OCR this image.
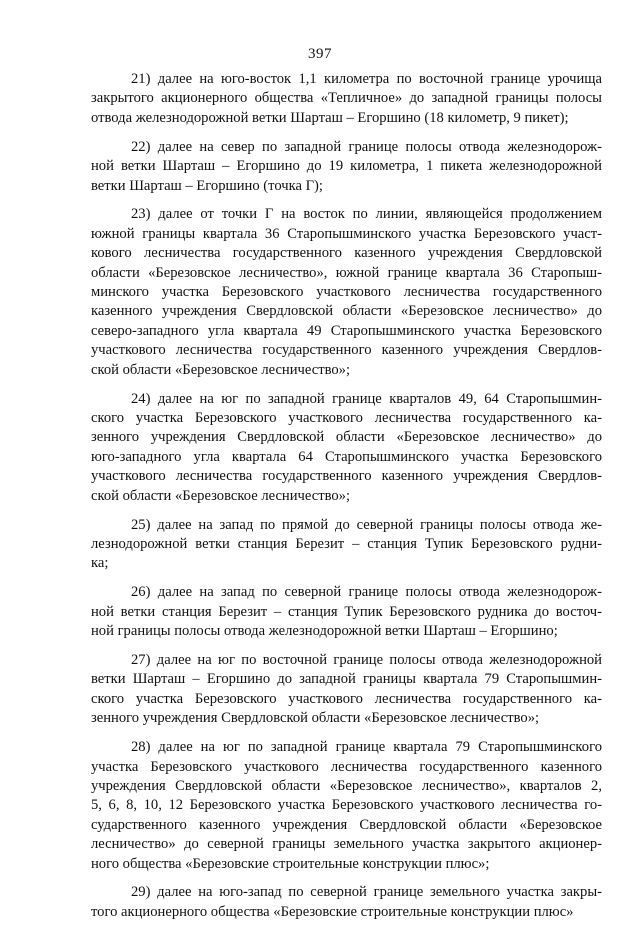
397
21) далее на юго-восток 1,1 километра по восточной границе урочища
закрытого акционерного общества «Тепличное» до западной границы полосы
отвода железнодорожной ветки Шарташ – Егоршино (18 километр, 9 пикет);
22) далее на север по западной границе полосы отвода железнодорож-
ной ветки Шарташ – Егоршино до 19 километра, 1 пикета железнодорожной
ветки Шарташ – Егоршино (точка Г);
23) далее от точки Г на восток по линии, являющейся продолжением
южной границы квартала 36 Старопышминского участка Березовского участ-
кового лесничества государственного казенного учреждения Свердловской
области «Березовское лесничество», южной границе квартала 36 Старопыш-
минского участка Березовского участкового лесничества государственного
казенного учреждения Свердловской области «Березовское лесничество» до
северо-западного угла квартала 49 Старопышминского участка Березовского
участкового лесничества государственного казенного учреждения Свердлов-
ской области «Березовское лесничество»;
24) далее на юг по западной границе кварталов 49, 64 Старопышмин-
ского участка Березовского участкового лесничества государственного ка-
зенного учреждения Свердловской области «Березовское лесничество» до
юго-западного угла квартала 64 Старопышминского участка Березовского
участкового лесничества государственного казенного учреждения Свердлов-
ской области «Березовское лесничество»;
25) далее на запад по прямой до северной границы полосы отвода же-
лезнодорожной ветки станция Березит – станция Тупик Березовского рудни-
ка;
26) далее на запад по северной границе полосы отвода железнодорож-
ной ветки станция Березит – станция Тупик Березовского рудника до восточ-
ной границы полосы отвода железнодорожной ветки Шарташ – Егоршино;
27) далее на юг по восточной границе полосы отвода железнодорожной
ветки Шарташ – Егоршино до западной границы квартала 79 Старопышмин-
ского участка Березовского участкового лесничества государственного ка-
зенного учреждения Свердловской области «Березовское лесничество»;
28) далее на юг по западной границе квартала 79 Старопышминского
участка Березовского участкового лесничества государственного казенного
учреждения Свердловской области «Березовское лесничество», кварталов 2,
5, 6, 8, 10, 12 Березовского участка Березовского участкового лесничества го-
сударственного казенного учреждения Свердловской области «Березовское
лесничество» до северной границы земельного участка закрытого акционер-
ного общества «Березовские строительные конструкции плюс»;
29) далее на юго-запад по северной границе земельного участка закры-
того акционерного общества «Березовские строительные конструкции плюс»
